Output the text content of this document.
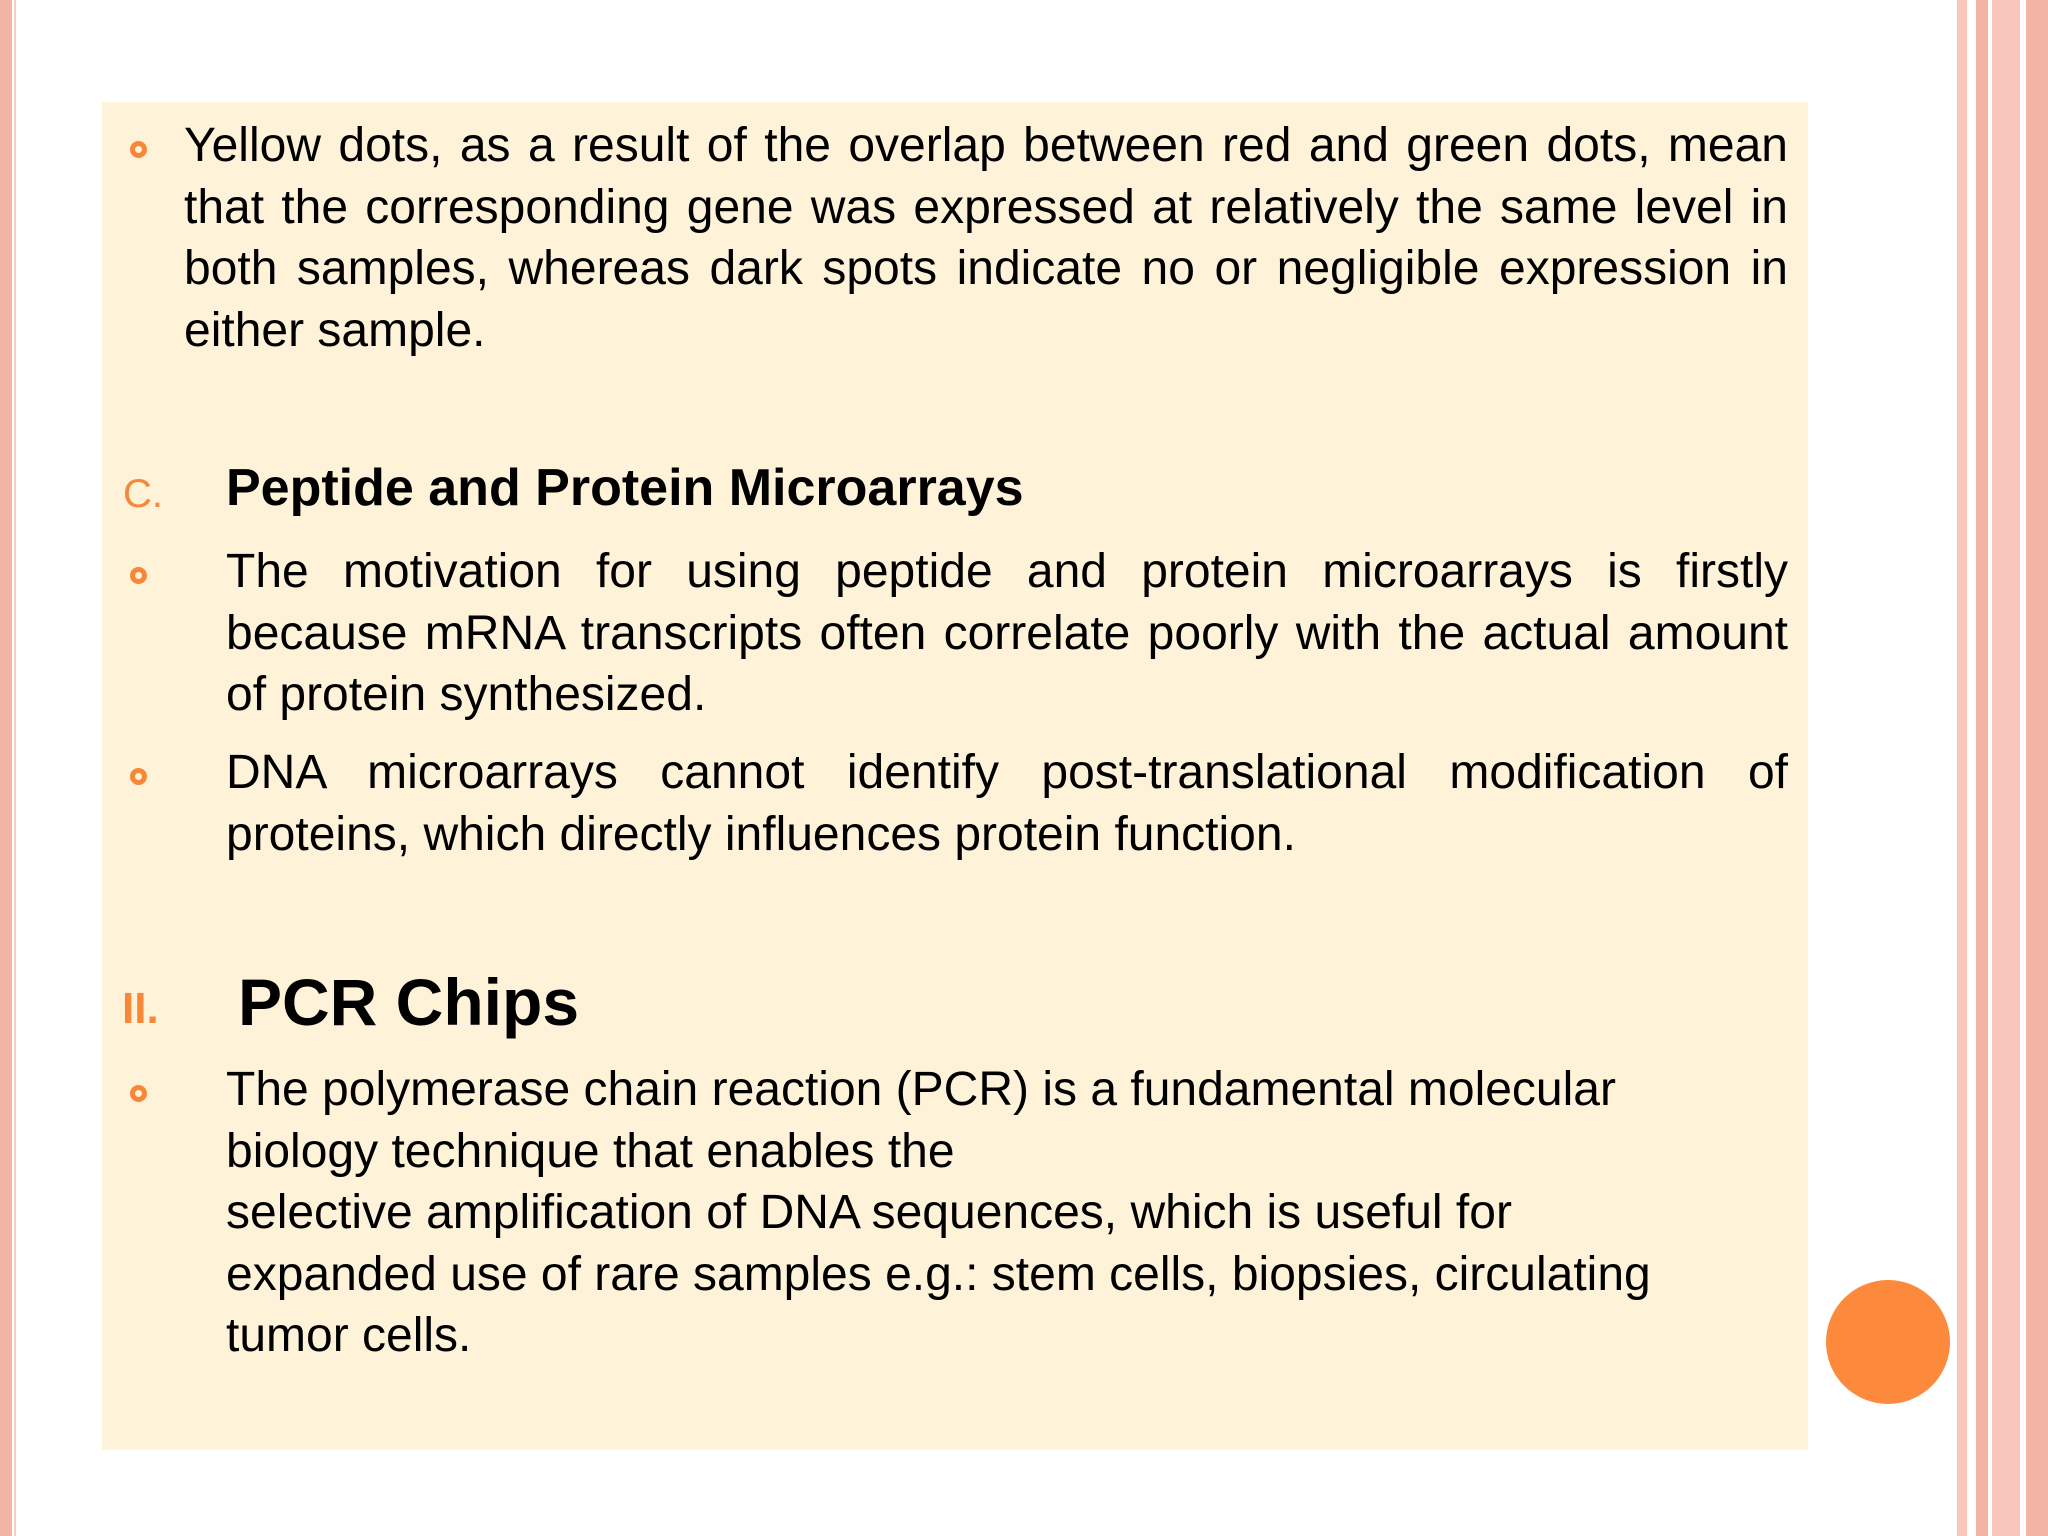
Yellow dots, as a result of the overlap between red and green dots, mean that the corresponding gene was expressed at relatively the same level in both samples, whereas dark spots indicate no or negligible expression in either sample.
C. Peptide and Protein Microarrays
The motivation for using peptide and protein microarrays is firstly because mRNA transcripts often correlate poorly with the actual amount of protein synthesized.
DNA microarrays cannot identify post-translational modification of proteins, which directly influences protein function.
II. PCR Chips
The polymerase chain reaction (PCR) is a fundamental molecular
biology technique that enables the
selective amplification of DNA sequences, which is useful for
expanded use of rare samples e.g.: stem cells, biopsies, circulating
tumor cells.
